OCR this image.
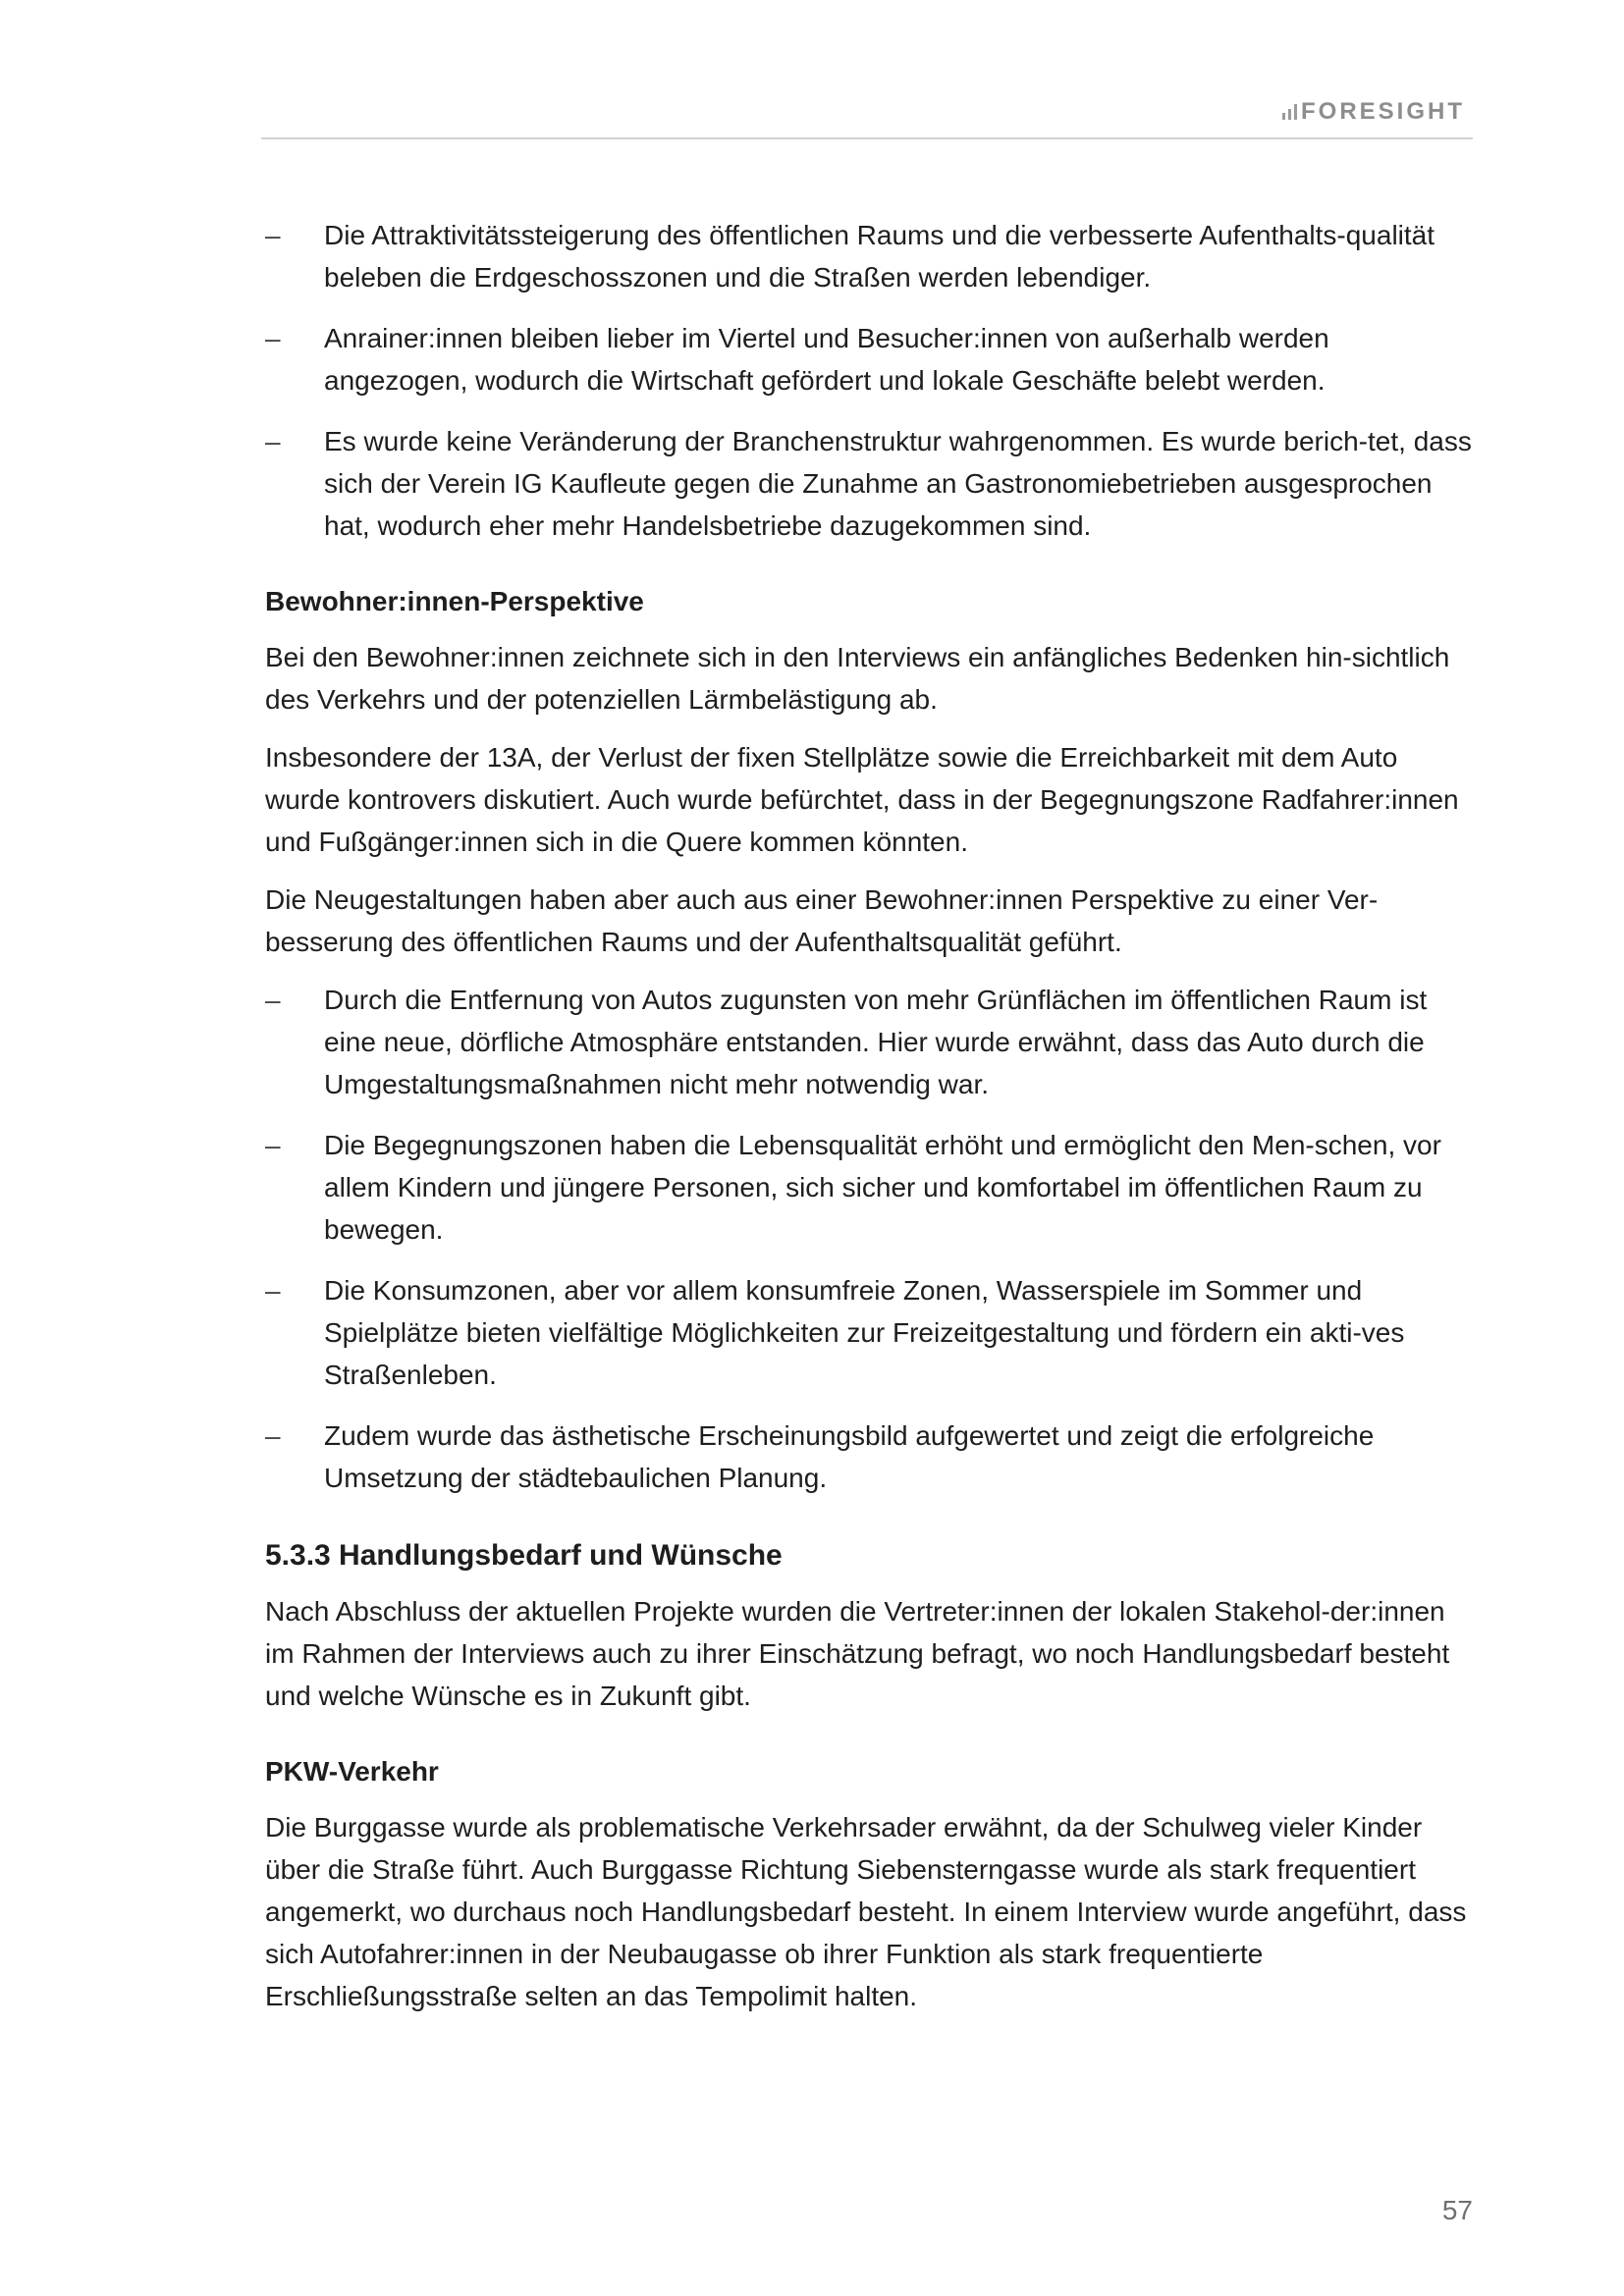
FORESIGHT
– Die Attraktivitätssteigerung des öffentlichen Raums und die verbesserte Aufenthalts-qualität beleben die Erdgeschosszonen und die Straßen werden lebendiger.
– Anrainer:innen bleiben lieber im Viertel und Besucher:innen von außerhalb werden angezogen, wodurch die Wirtschaft gefördert und lokale Geschäfte belebt werden.
– Es wurde keine Veränderung der Branchenstruktur wahrgenommen. Es wurde berich-tet, dass sich der Verein IG Kaufleute gegen die Zunahme an Gastronomiebetrieben ausgesprochen hat, wodurch eher mehr Handelsbetriebe dazugekommen sind.
Bewohner:innen-Perspektive

Bei den Bewohner:innen zeichnete sich in den Interviews ein anfängliches Bedenken hin-sichtlich des Verkehrs und der potenziellen Lärmbelästigung ab.

Insbesondere der 13A, der Verlust der fixen Stellplätze sowie die Erreichbarkeit mit dem Auto wurde kontrovers diskutiert. Auch wurde befürchtet, dass in der Begegnungszone Radfahrer:innen und Fußgänger:innen sich in die Quere kommen könnten.

Die Neugestaltungen haben aber auch aus einer Bewohner:innen Perspektive zu einer Ver-besserung des öffentlichen Raums und der Aufenthaltsqualität geführt.

– Durch die Entfernung von Autos zugunsten von mehr Grünflächen im öffentlichen Raum ist eine neue, dörfliche Atmosphäre entstanden. Hier wurde erwähnt, dass das Auto durch die Umgestaltungsmaßnahmen nicht mehr notwendig war.
– Die Begegnungszonen haben die Lebensqualität erhöht und ermöglicht den Men-schen, vor allem Kindern und jüngere Personen, sich sicher und komfortabel im öffentlichen Raum zu bewegen.
– Die Konsumzonen, aber vor allem konsumfreie Zonen, Wasserspiele im Sommer und Spielplätze bieten vielfältige Möglichkeiten zur Freizeitgestaltung und fördern ein akti-ves Straßenleben.
– Zudem wurde das ästhetische Erscheinungsbild aufgewertet und zeigt die erfolgreiche Umsetzung der städtebaulichen Planung.
5.3.3 Handlungsbedarf und Wünsche

Nach Abschluss der aktuellen Projekte wurden die Vertreter:innen der lokalen Stakehol-der:innen im Rahmen der Interviews auch zu ihrer Einschätzung befragt, wo noch Handlungsbedarf besteht und welche Wünsche es in Zukunft gibt.

PKW-Verkehr

Die Burggasse wurde als problematische Verkehrsader erwähnt, da der Schulweg vieler Kinder über die Straße führt. Auch Burggasse Richtung Siebensterngasse wurde als stark frequentiert angemerkt, wo durchaus noch Handlungsbedarf besteht. In einem Interview wurde angeführt, dass sich Autofahrer:innen in der Neubaugasse ob ihrer Funktion als stark frequentierte Erschließungsstraße selten an das Tempolimit halten.

57
